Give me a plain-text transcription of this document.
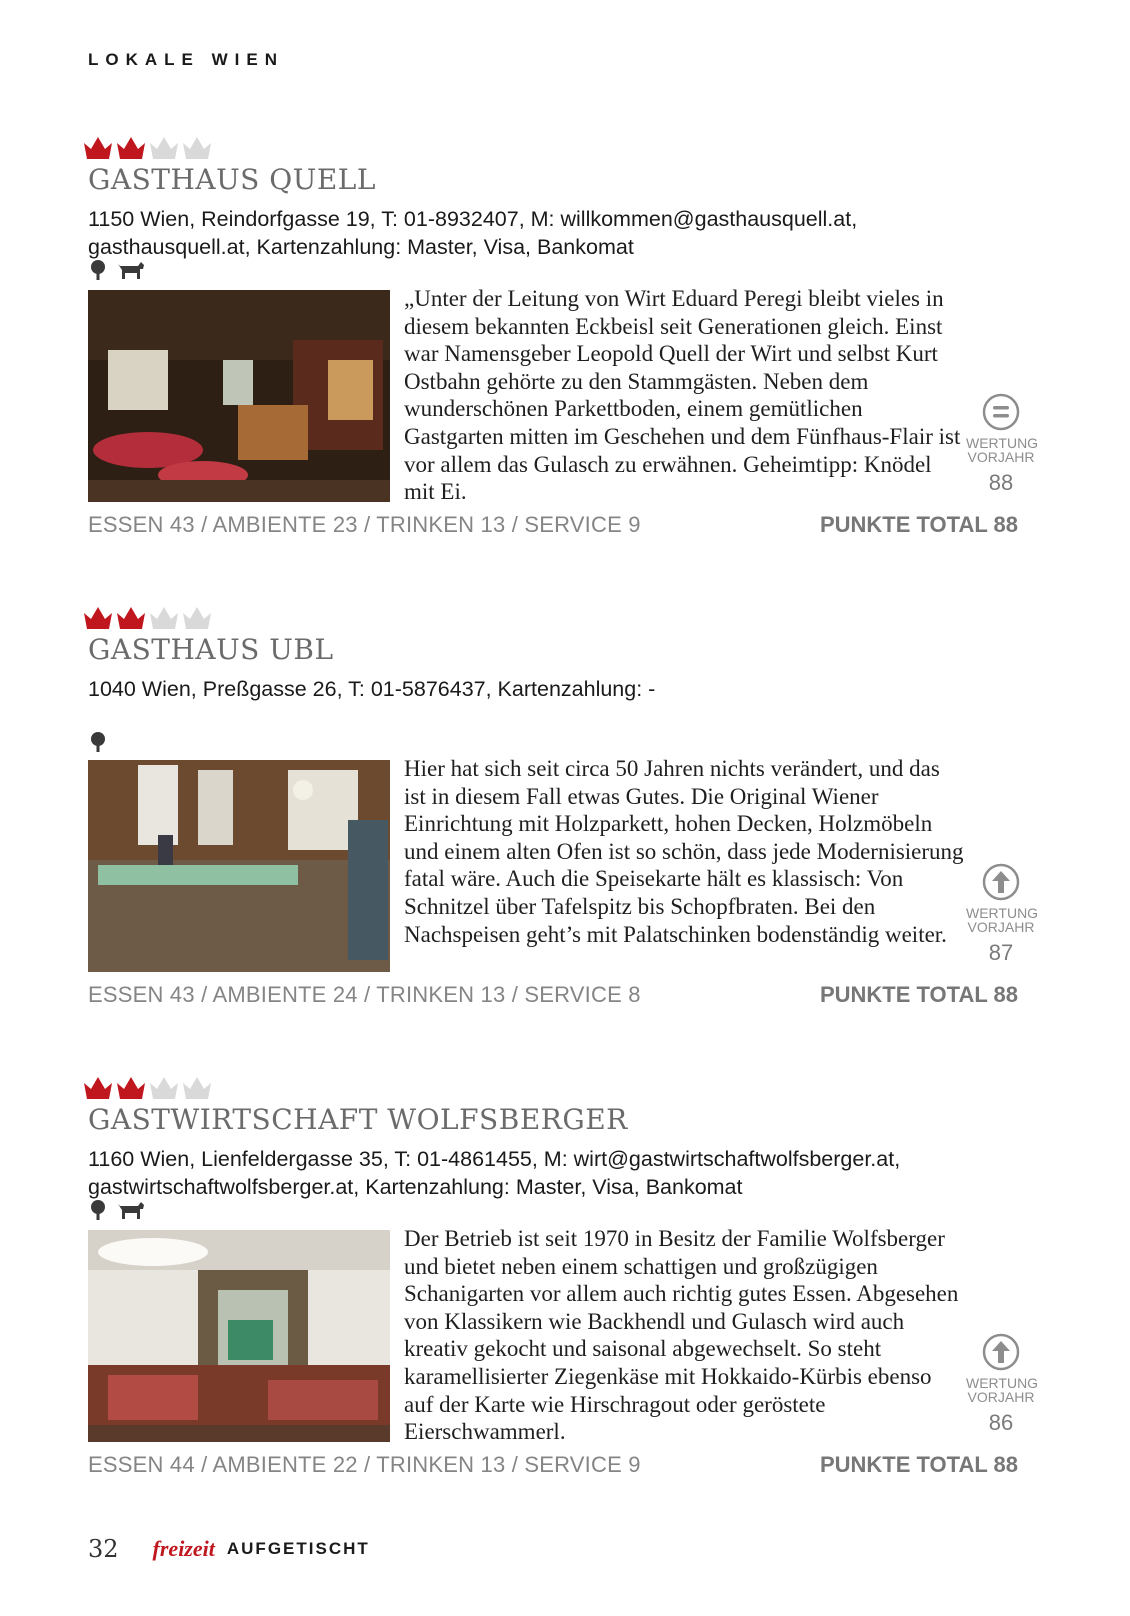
LOKALE WIEN
GASTHAUS QUELL
1150 Wien, Reindorfgasse 19, T: 01-8932407, M: willkommen@gasthausquell.at,
gasthausquell.at, Kartenzahlung: Master, Visa, Bankomat

„Unter der Leitung von Wirt Eduard Peregi bleibt vieles in diesem bekannten Eckbeisl seit Generationen gleich. Einst war Namensgeber Leopold Quell der Wirt und selbst Kurt Ostbahn gehörte zu den Stammgästen. Neben dem wunderschönen Parkettboden, einem gemütlichen Gastgarten mitten im Geschehen und dem Fünfhaus-Flair ist vor allem das Gulasch zu erwähnen. Geheimtipp: Knödel mit Ei.
WERTUNG
VORJAHR
88
ESSEN 43 / AMBIENTE 23 / TRINKEN 13 / SERVICE 9	PUNKTE TOTAL 88
GASTHAUS UBL
1040 Wien, Preßgasse 26, T: 01-5876437, Kartenzahlung: -
Hier hat sich seit circa 50 Jahren nichts verändert, und das ist in diesem Fall etwas Gutes. Die Original Wiener Einrichtung mit Holzparkett, hohen Decken, Holzmöbeln und einem alten Ofen ist so schön, dass jede Modernisierung fatal wäre. Auch die Speisekarte hält es klassisch: Von Schnitzel über Tafelspitz bis Schopfbraten. Bei den Nachspeisen geht’s mit Palatschinken bodenständig weiter.
WERTUNG
VORJAHR
87
ESSEN 43 / AMBIENTE 24 / TRINKEN 13 / SERVICE 8	PUNKTE TOTAL 88
GASTWIRTSCHAFT WOLFSBERGER
1160 Wien, Lienfeldergasse 35, T: 01-4861455, M: wirt@gastwirtschaftwolfsberger.at,
gastwirtschaftwolfsberger.at, Kartenzahlung: Master, Visa, Bankomat

Der Betrieb ist seit 1970 in Besitz der Familie Wolfsberger und bietet neben einem schattigen und großzügigen Schanigarten vor allem auch richtig gutes Essen. Abgesehen von Klassikern wie Backhendl und Gulasch wird auch kreativ gekocht und saisonal abgewechselt. So steht karamellisierter Ziegenkäse mit Hokkaido-Kürbis ebenso auf der Karte wie Hirschragout oder geröstete Eierschwammerl.
WERTUNG
VORJAHR
86
ESSEN 44 / AMBIENTE 22 / TRINKEN 13 / SERVICE 9	PUNKTE TOTAL 88
32 freizeit AUFGETISCHT
